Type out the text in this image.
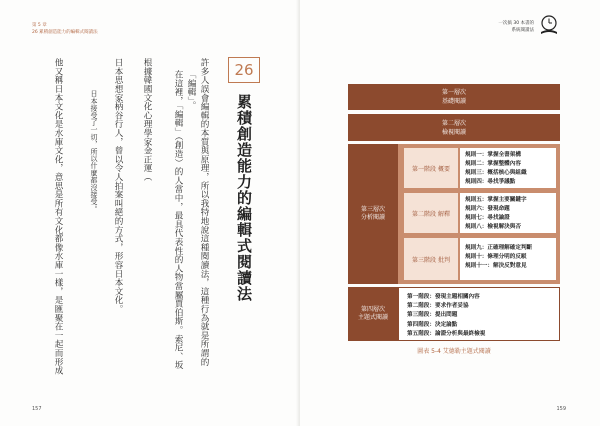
第 5 章
26 累積創造能力的編輯式閱讀法
26
累積創造能力的編輯式閱讀法
許多人誤會編輯的本質與原理，所以我特地說這種閱讀法，這種行為就是所謂的
「編輯」。
在這裡，「編輯」（創造）的人當中，最具代表性的人物當屬賈伯斯。索尼、坂
根據韓國文化心理學家金正運（
日本思想家柄谷行人，曾以令人拍案叫絕的方式，形容日本文化。
日本接受了一切，所以什麼都沒接受。
他又稱日本文化是水庫文化，意思是所有文化都像水庫一樣，是匯聚在一起而形成
157
一次搞 30 本書的
系統閱讀法
第一層次
基礎閱讀
第二層次
檢視閱讀
第三層次
分析閱讀
第一階段 概要
規則一：掌握全書架構
規則二：掌握整體內容
規則三：概括核心與組織
規則四：尋找爭議點
第二階段 解釋
規則五：掌握主要關鍵字
規則六：發現命題
規則七：尋找論證
規則八：檢視解決與否
第三階段 批判
規則九：正確理解確定判斷
規則十：條理分明的反駁
規則十一：解決反對意見
第四層次
主題式閱讀
第一階段：發現主題相關內容
第二階段：要求作者妥協
第三階段：提出問題
第四階段：決定論點
第五階段：論證分析與最終檢視
圖表 5-4 艾德勒主題式閱讀
159
